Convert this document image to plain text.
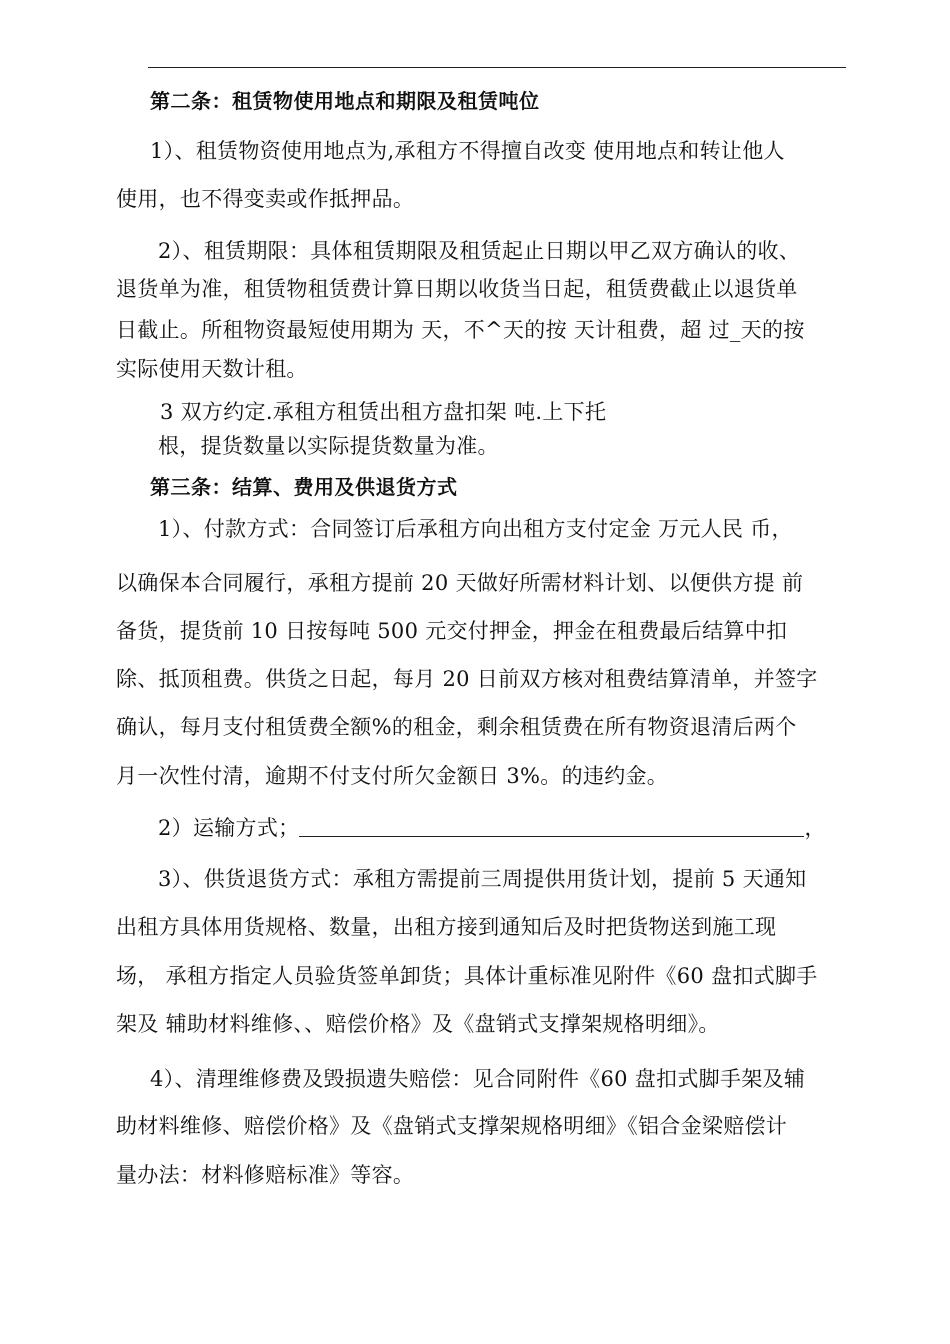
第二条：租赁物使用地点和期限及租赁吨位
1）、租赁物资使用地点为,承租方不得擅自改变 使用地点和转让他人
使用，也不得变卖或作抵押品。
2）、租赁期限：具体租赁期限及租赁起止日期以甲乙双方确认的收、
退货单为准，租赁物租赁费计算日期以收货当日起，租赁费截止以退货单
日截止。所租物资最短使用期为 天，不^天的按 天计租费，超 过_天的按
实际使用天数计租。
3 双方约定.承租方租赁出租方盘扣架 吨.上下托
根，提货数量以实际提货数量为准。
第三条：结算、费用及供退货方式
1）、付款方式：合同签订后承租方向出租方支付定金 万元人民 币，
以确保本合同履行，承租方提前 20 天做好所需材料计划、以便供方提 前
备货，提货前 10 日按每吨 500 元交付押金，押金在租费最后结算中扣
除、抵顶租费。供货之日起，每月 20 日前双方核对租费结算清单，并签字
确认，每月支付租赁费全额%的租金，剩余租赁费在所有物资退清后两个
月一次性付清，逾期不付支付所欠金额日 3%。的违约金。
2）运输方式；	，
3）、供货退货方式：承租方需提前三周提供用货计划，提前 5 天通知
出租方具体用货规格、数量，出租方接到通知后及时把货物送到施工现
场， 承租方指定人员验货签单卸货；具体计重标准见附件《60 盘扣式脚手
架及 辅助材料维修、、赔偿价格》及《盘销式支撑架规格明细》。
4）、清理维修费及毁损遗失赔偿：见合同附件《60 盘扣式脚手架及辅
助材料维修、赔偿价格》及《盘销式支撑架规格明细》《铝合金梁赔偿计
量办法：材料修赔标准》等容。
